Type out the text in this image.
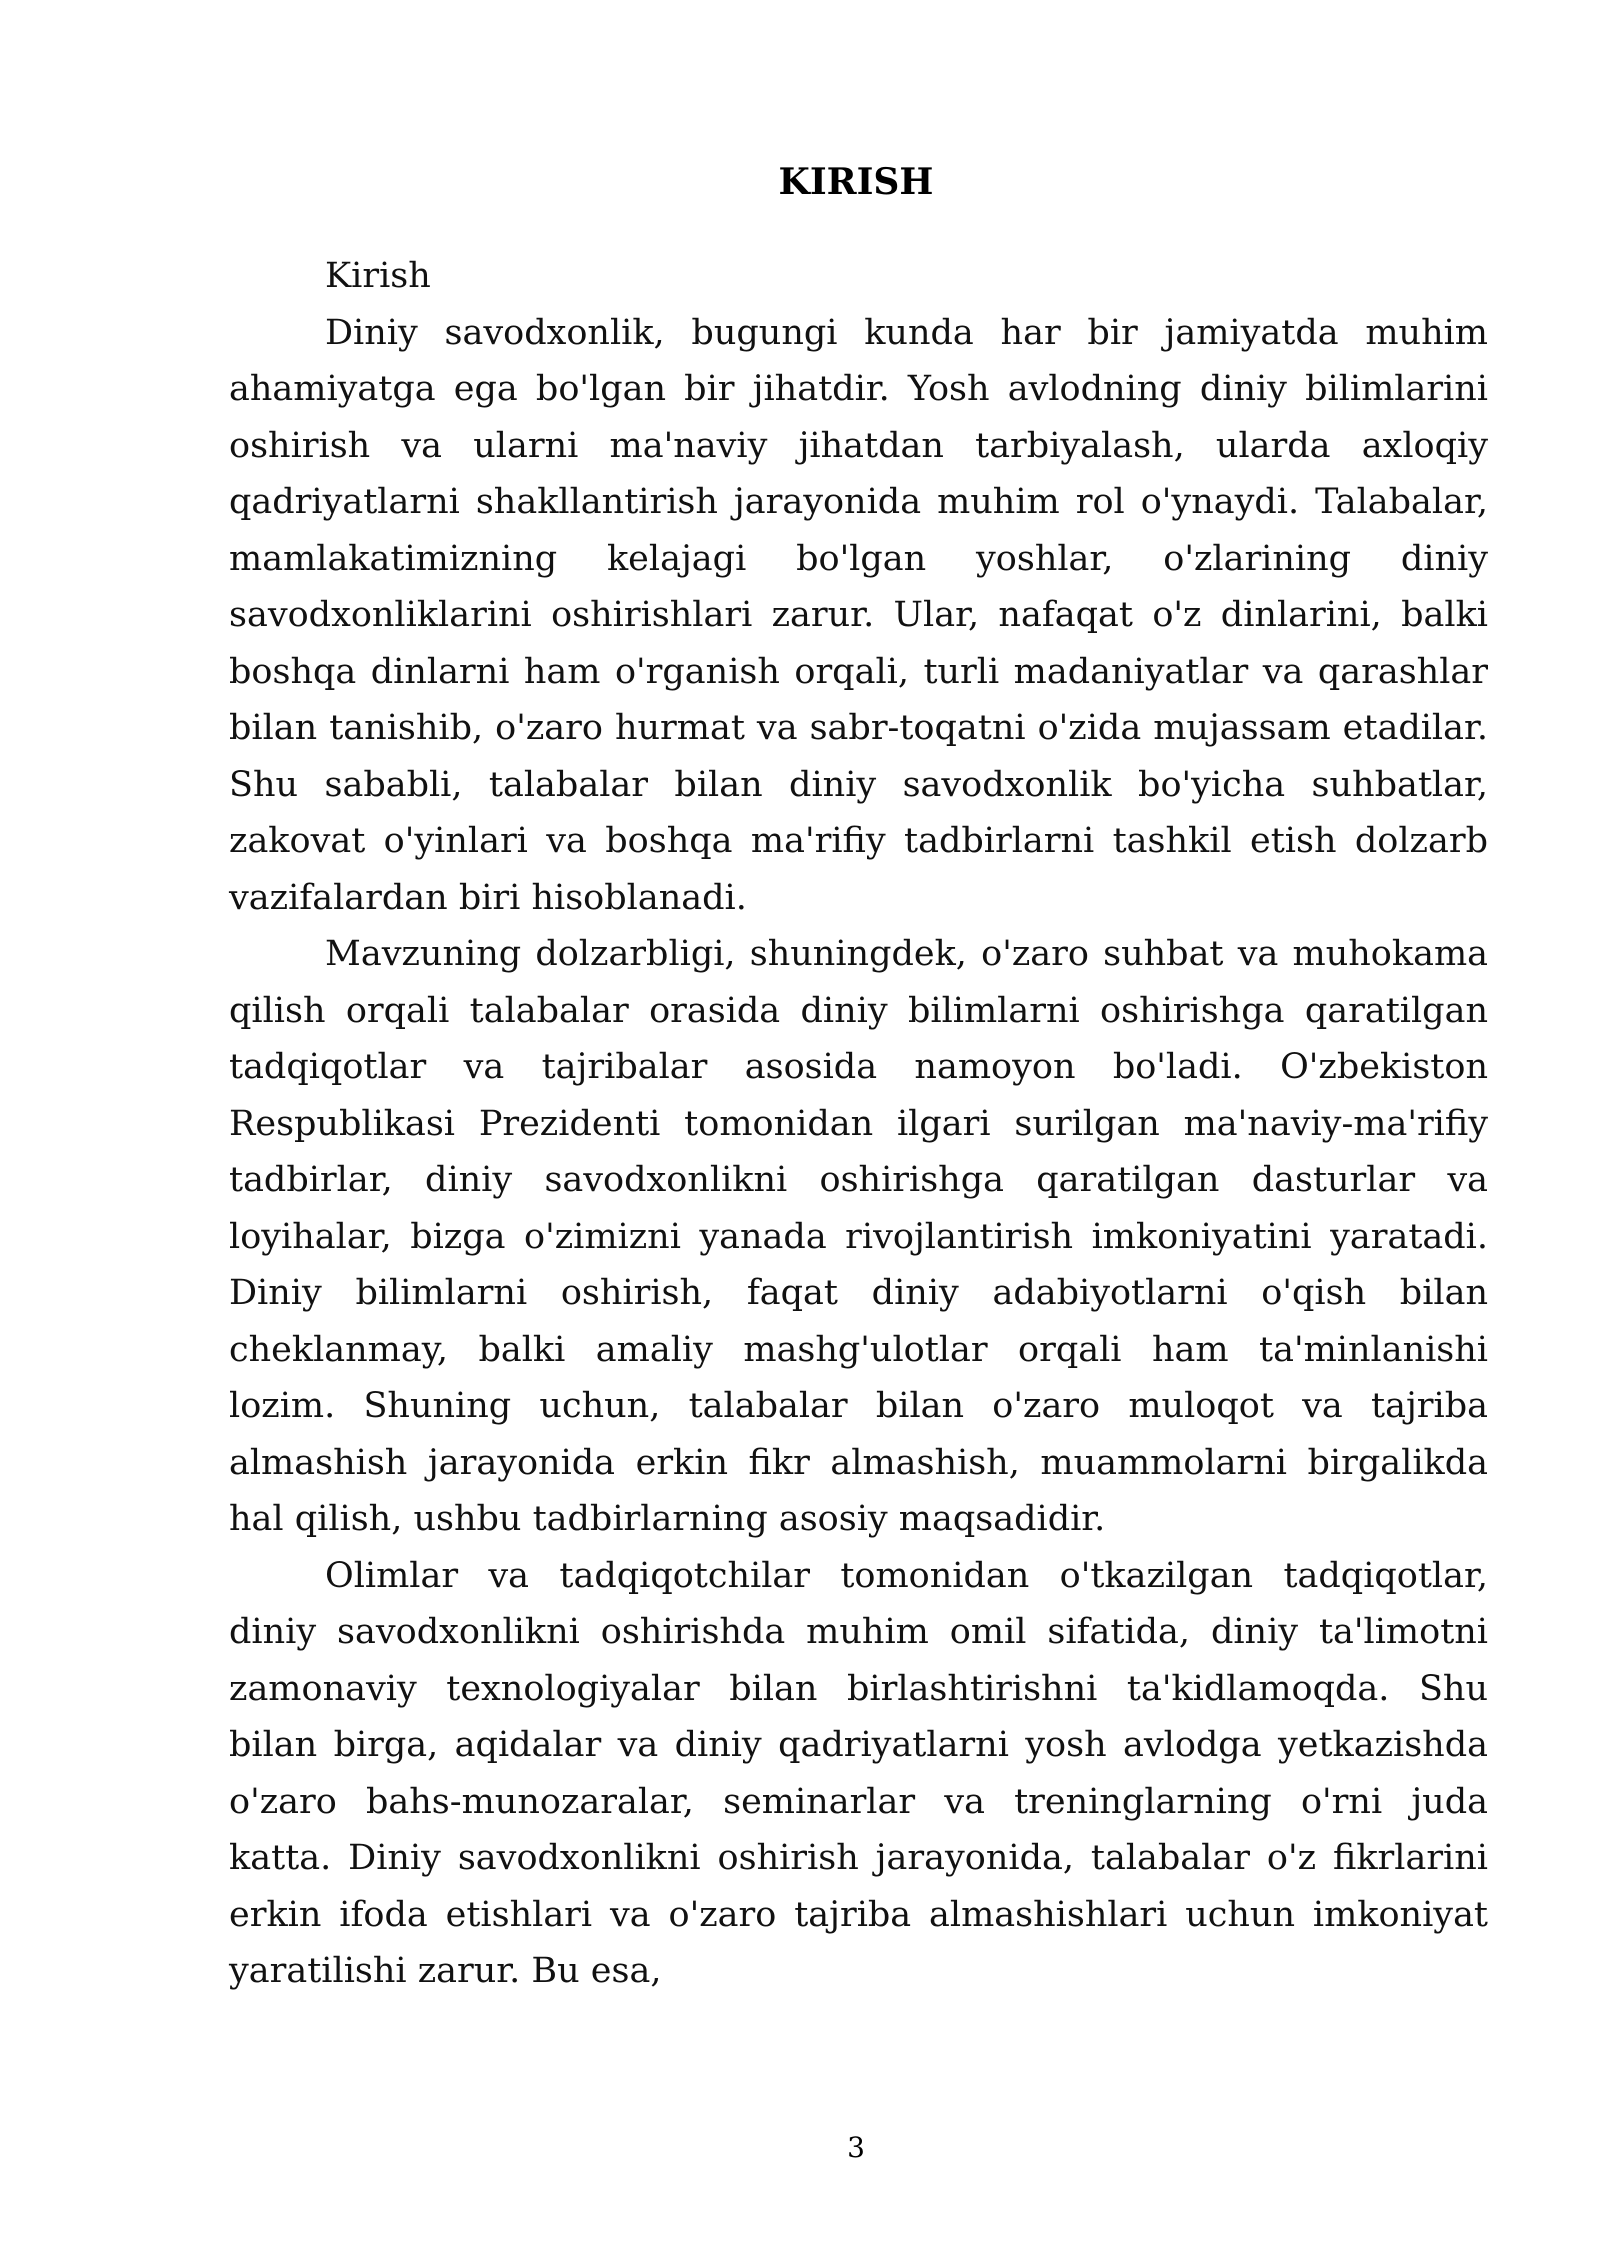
KIRISH

Kirish

Diniy savodxonlik, bugungi kunda har bir jamiyatda muhim ahamiyatga ega bo'lgan bir jihatdir. Yosh avlodning diniy bilimlarini oshirish va ularni ma'naviy jihatdan tarbiyalash, ularda axloqiy qadriyatlarni shakllantirish jarayonida muhim rol o'ynaydi. Talabalar, mamlakatimizning kelajagi bo'lgan yoshlar, o'zlarining diniy savodxonliklarini oshirishlari zarur. Ular, nafaqat o'z dinlarini, balki boshqa dinlarni ham o'rganish orqali, turli madaniyatlar va qarashlar bilan tanishib, o'zaro hurmat va sabr-toqatni o'zida mujassam etadilar. Shu sababli, talabalar bilan diniy savodxonlik bo'yicha suhbatlar, zakovat o'yinlari va boshqa ma'rifiy tadbirlarni tashkil etish dolzarb vazifalardan biri hisoblanadi.

Mavzuning dolzarbligi, shuningdek, o'zaro suhbat va muhokama qilish orqali talabalar orasida diniy bilimlarni oshirishga qaratilgan tadqiqotlar va tajribalar asosida namoyon bo'ladi. O'zbekiston Respublikasi Prezidenti tomonidan ilgari surilgan ma'naviy-ma'rifiy tadbirlar, diniy savodxonlikni oshirishga qaratilgan dasturlar va loyihalar, bizga o'zimizni yanada rivojlantirish imkoniyatini yaratadi. Diniy bilimlarni oshirish, faqat diniy adabiyotlarni o'qish bilan cheklanmay, balki amaliy mashg'ulotlar orqali ham ta'minlanishi lozim. Shuning uchun, talabalar bilan o'zaro muloqot va tajriba almashish jarayonida erkin fikr almashish, muammolarni birgalikda hal qilish, ushbu tadbirlarning asosiy maqsadidir.

Olimlar va tadqiqotchilar tomonidan o'tkazilgan tadqiqotlar, diniy savodxonlikni oshirishda muhim omil sifatida, diniy ta'limotni zamonaviy texnologiyalar bilan birlashtirishni ta'kidlamoqda. Shu bilan birga, aqidalar va diniy qadriyatlarni yosh avlodga yetkazishda o'zaro bahs-munozaralar, seminarlar va treninglarning o'rni juda katta. Diniy savodxonlikni oshirish jarayonida, talabalar o'z fikrlarini erkin ifoda etishlari va o'zaro tajriba almashishlari uchun imkoniyat yaratilishi zarur. Bu esa,

3
